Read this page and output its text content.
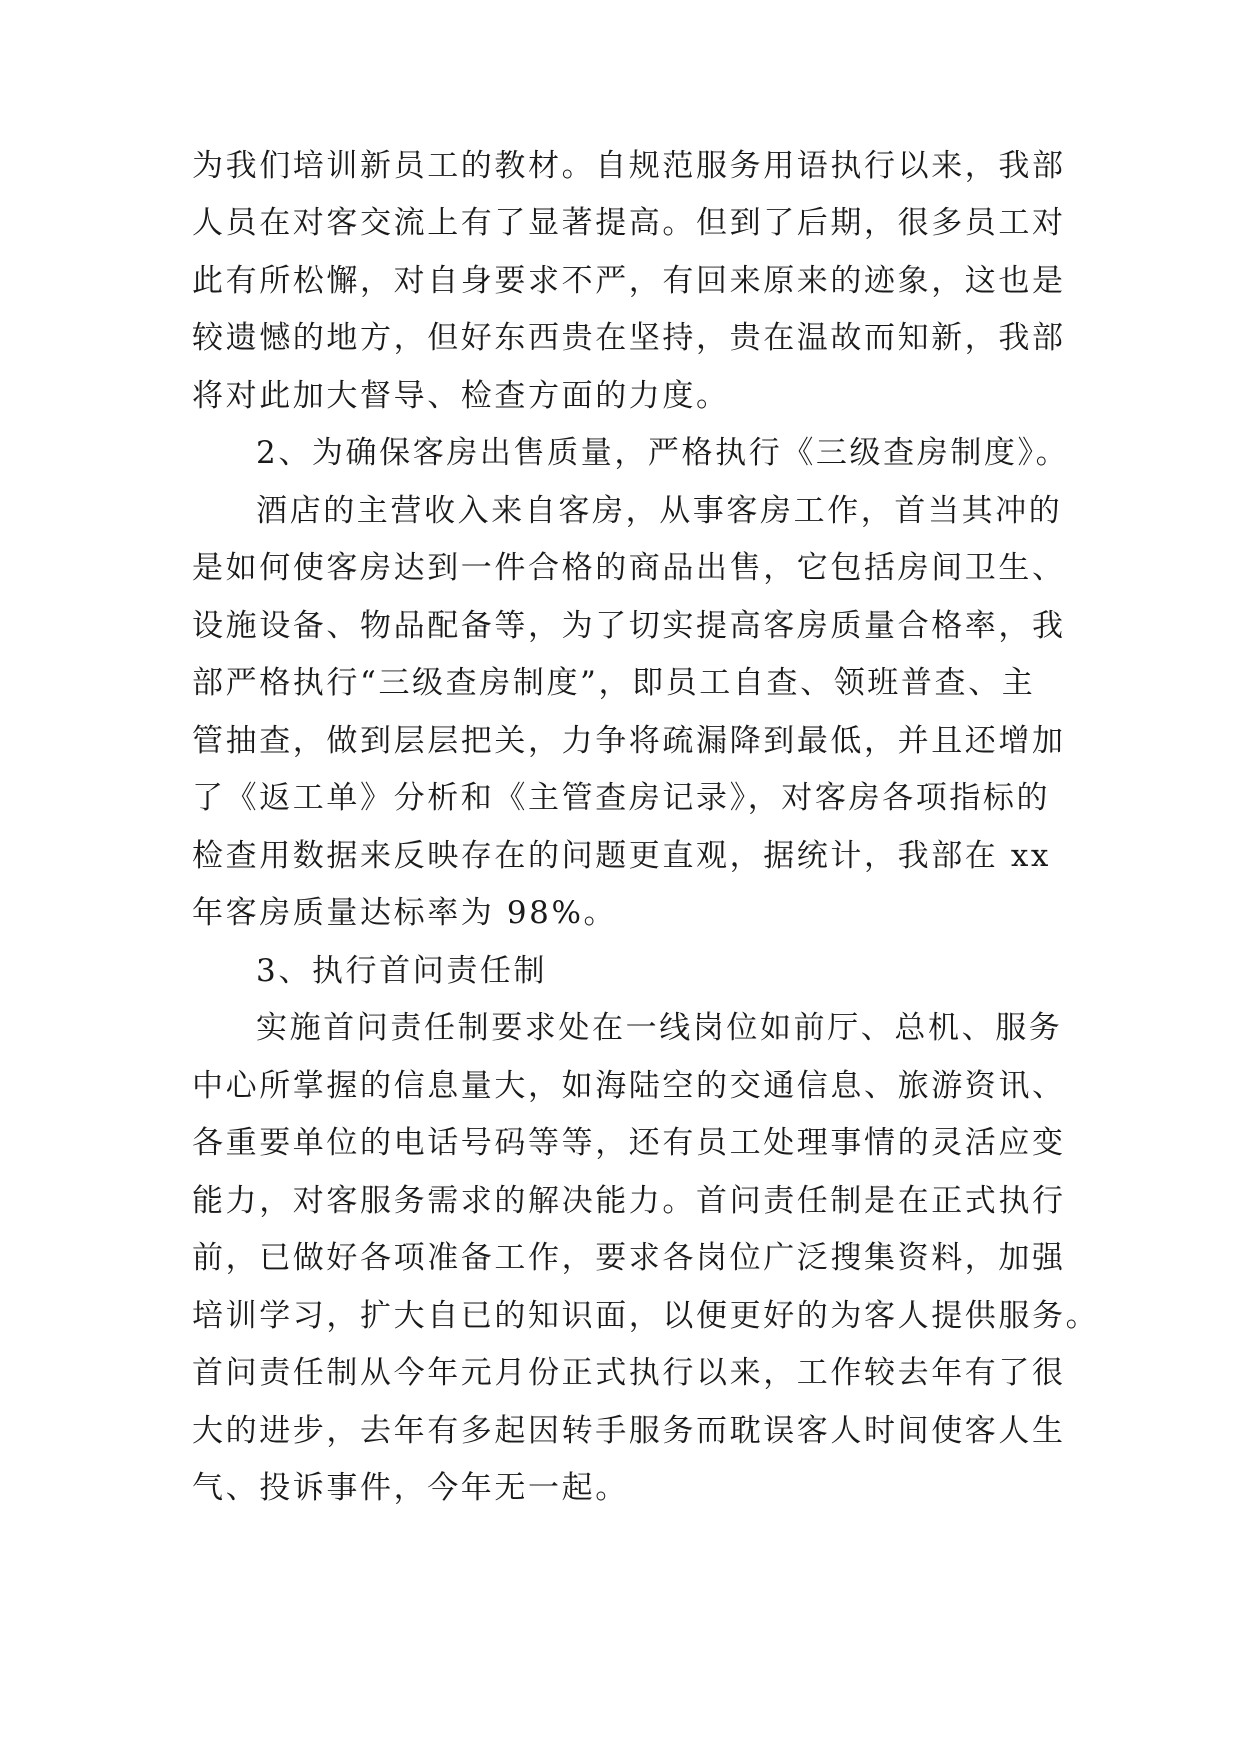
为我们培训新员工的教材。自规范服务用语执行以来，我部

人员在对客交流上有了显著提高。但到了后期，很多员工对

此有所松懈，对自身要求不严，有回来原来的迹象，这也是

较遗憾的地方，但好东西贵在坚持，贵在温故而知新，我部

将对此加大督导、检查方面的力度。

2、为确保客房出售质量，严格执行《三级查房制度》。

酒店的主营收入来自客房，从事客房工作，首当其冲的

是如何使客房达到一件合格的商品出售，它包括房间卫生、

设施设备、物品配备等，为了切实提高客房质量合格率，我

部严格执行“三级查房制度”，即员工自查、领班普查、主

管抽查，做到层层把关，力争将疏漏降到最低，并且还增加

了《返工单》分析和《主管查房记录》，对客房各项指标的

检查用数据来反映存在的问题更直观，据统计，我部在 xx

年客房质量达标率为 98%。

3、执行首问责任制

实施首问责任制要求处在一线岗位如前厅、总机、服务

中心所掌握的信息量大，如海陆空的交通信息、旅游资讯、

各重要单位的电话号码等等，还有员工处理事情的灵活应变

能力，对客服务需求的解决能力。首问责任制是在正式执行

前，已做好各项准备工作，要求各岗位广泛搜集资料，加强

培训学习，扩大自已的知识面，以便更好的为客人提供服务。

首问责任制从今年元月份正式执行以来，工作较去年有了很

大的进步，去年有多起因转手服务而耽误客人时间使客人生

气、投诉事件，今年无一起。
